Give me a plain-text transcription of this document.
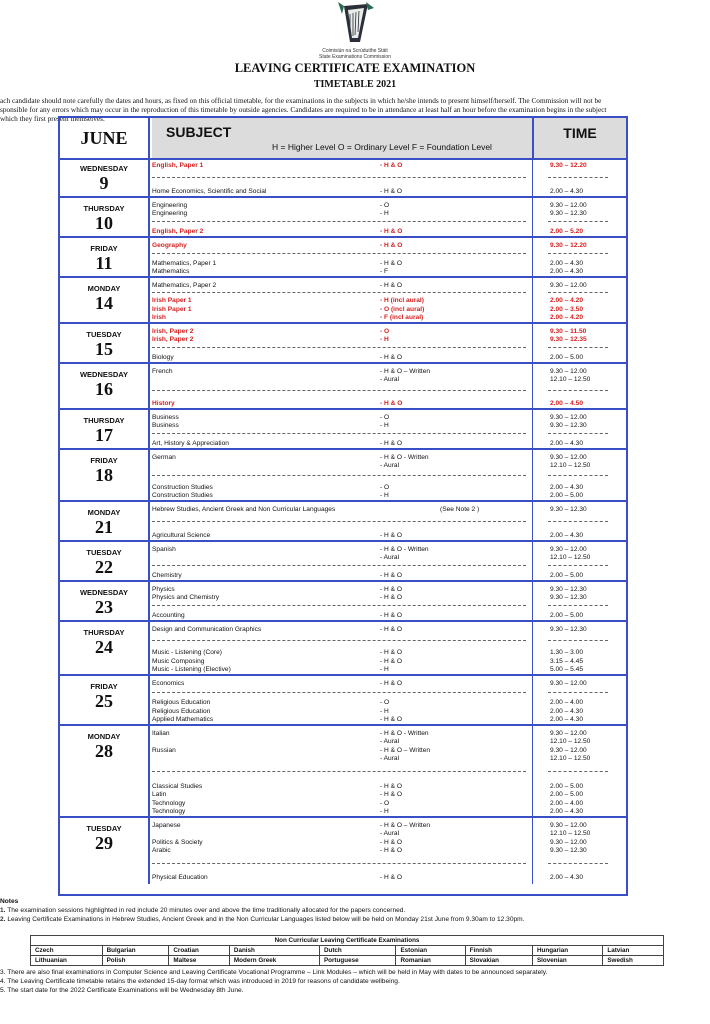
Coimisiún na Scrúduithe Stáit
State Examinations Commission
LEAVING CERTIFICATE EXAMINATION
TIMETABLE 2021
ach candidate should note carefully the dates and hours, as fixed on this official timetable, for the examinations in the subjects in which he/she intends to present himself/herself. The Commission will not be
sponsible for any errors which may occur in the reproduction of this timetable by outside agencies. Candidates are required to be in attendance at least half an hour before the examination begins in the subject
which they first present themselves.
JUNE	SUBJECT
H = Higher Level O = Ordinary Level F = Foundation Level
TIME
WEDNESDAY
9
English, Paper 1	- H & O	9.30 – 12.20
Home Economics, Scientific and Social	- H & O	2.00 – 4.30
THURSDAY
10
Engineering	- O	9.30 – 12.00
Engineering	- H	9.30 – 12.30
English, Paper 2	- H & O	2.00 – 5.20
FRIDAY
11
Geography	- H & O	9.30 – 12.20
Mathematics, Paper 1	- H & O	2.00 – 4.30
Mathematics	- F	2.00 – 4.30
MONDAY
14
Mathematics, Paper 2	- H & O	9.30 – 12.00
Irish Paper 1	- H (incl aural)	2.00 – 4.20
Irish Paper 1	- O (incl aural)	2.00 – 3.50
Irish	- F (incl aural)	2.00 – 4.20
TUESDAY
15
Irish, Paper 2	- O	9.30 – 11.50
Irish, Paper 2	- H	9.30 – 12.35
Biology	- H & O	2.00 – 5.00
WEDNESDAY
16
French	- H & O – Written	9.30 – 12.00
- Aural	12.10 – 12.50
History	- H & O	2.00 – 4.50
THURSDAY
17
Business	- O	9.30 – 12.00
Business	- H	9.30 – 12.30
Art, History & Appreciation	- H & O	2.00 – 4.30
FRIDAY
18
German	- H & O - Written	9.30 – 12.00
- Aural	12.10 – 12.50
Construction Studies	- O	2.00 – 4.30
Construction Studies	- H	2.00 – 5.00
MONDAY
21
Hebrew Studies, Ancient Greek and Non Curricular Languages	(See Note 2 )	9.30 – 12.30
Agricultural Science	- H & O	2.00 – 4.30
TUESDAY
22
Spanish	- H & O - Written	9.30 – 12.00
- Aural	12.10 – 12.50
Chemistry	- H & O	2.00 – 5.00
WEDNESDAY
23
Physics	- H & O	9.30 – 12.30
Physics and Chemistry	- H & O	9.30 – 12.30
Accounting	- H & O	2.00 – 5.00
THURSDAY
24
Design and Communication Graphics	- H & O	9.30 – 12.30
Music - Listening (Core)	- H & O	1.30 – 3.00
Music Composing	- H & O	3.15 – 4.45
Music - Listening (Elective)	- H	5.00 – 5.45
FRIDAY
25
Economics	- H & O	9.30 – 12.00
Religious Education	- O	2.00 – 4.00
Religious Education	- H	2.00 – 4.30
Applied Mathematics	- H & O	2.00 – 4.30
MONDAY
28
Italian	- H & O - Written	9.30 – 12.00
- Aural	12.10 – 12.50
Russian	- H & O – Written	9.30 – 12.00
- Aural	12.10 – 12.50
Classical Studies	- H & O	2.00 – 5.00
Latin	- H & O	2.00 – 5.00
Technology	- O	2.00 – 4.00
Technology	- H	2.00 – 4.30
TUESDAY
29
Japanese	- H & O – Written	9.30 – 12.00
- Aural	12.10 – 12.50
Politics & Society	- H & O	9.30 – 12.00
Arabic	- H & O	9.30 – 12.30
Physical Education	- H & O	2.00 – 4.30
Notes
1. The examination sessions highlighted in red include 20 minutes over and above the time traditionally allocated for the papers concerned.
2. Leaving Certificate Examinations in Hebrew Studies, Ancient Greek and in the Non Curricular Languages listed below will be held on Monday 21st June from 9.30am to 12.30pm.
Non Curricular Leaving Certificate Examinations								
Czech	Bulgarian	Croatian	Danish	Dutch	Estonian	Finnish	Hungarian	Latvian
Lithuanian	Polish	Maltese	Modern Greek	Portuguese	Romanian	Slovakian	Slovenian	Swedish
3. There are also final examinations in Computer Science and Leaving Certificate Vocational Programme – Link Modules – which will be held in May with dates to be announced separately.
4. The Leaving Certificate timetable retains the extended 15-day format which was introduced in 2019 for reasons of candidate wellbeing.
5. The start date for the 2022 Certificate Examinations will be Wednesday 8th June.
